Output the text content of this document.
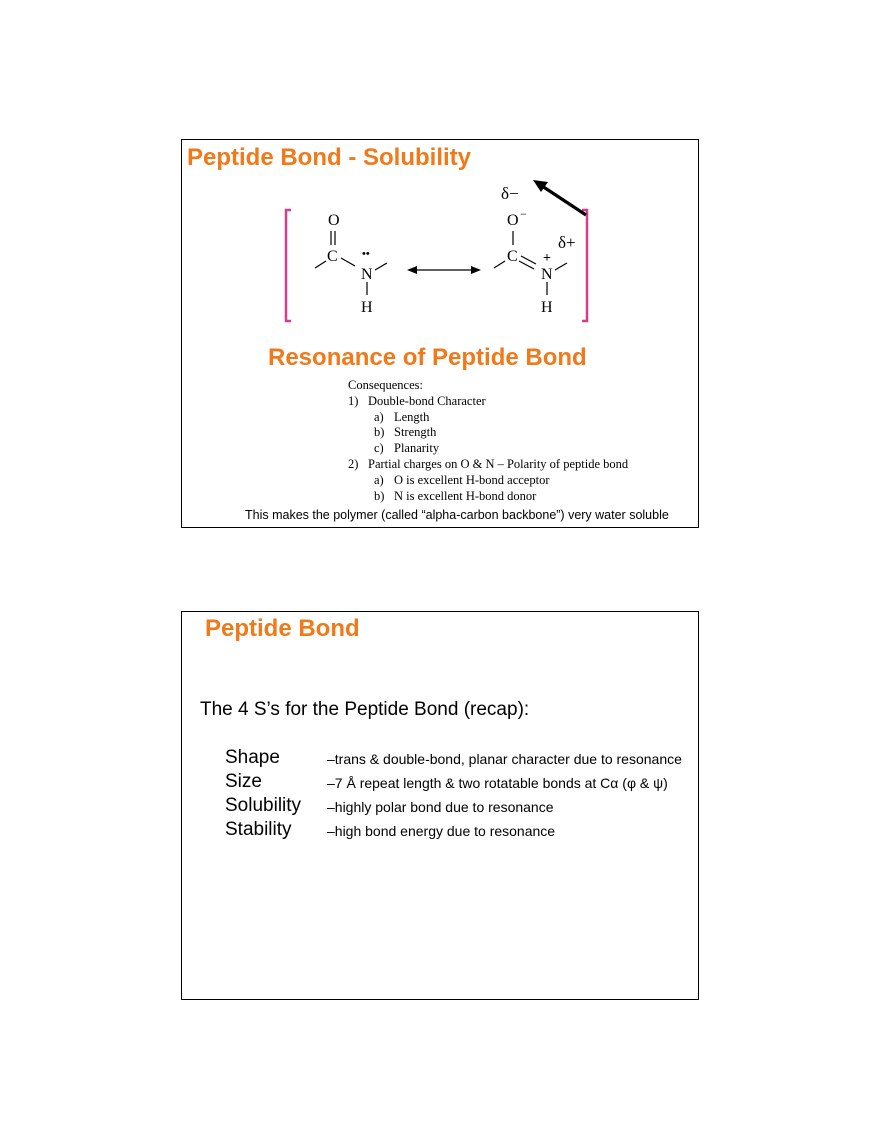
Peptide Bond - Solubility
O
C ••
N
H
O −
C +
N
H
δ−
δ+
Resonance of Peptide Bond
Consequences:
1) Double-bond Character
a) Length
b) Strength
c) Planarity
2) Partial charges on O & N – Polarity of peptide bond
a) O is excellent H-bond acceptor
b) N is excellent H-bond donor
This makes the polymer (called “alpha-carbon backbone”) very water soluble
Peptide Bond
The 4 S’s for the Peptide Bond (recap):
Shape	–trans & double-bond, planar character due to resonance
Size	–7 Å repeat length & two rotatable bonds at Cα (φ & ψ)
Solubility –highly polar bond due to resonance
Stability	–high bond energy due to resonance
